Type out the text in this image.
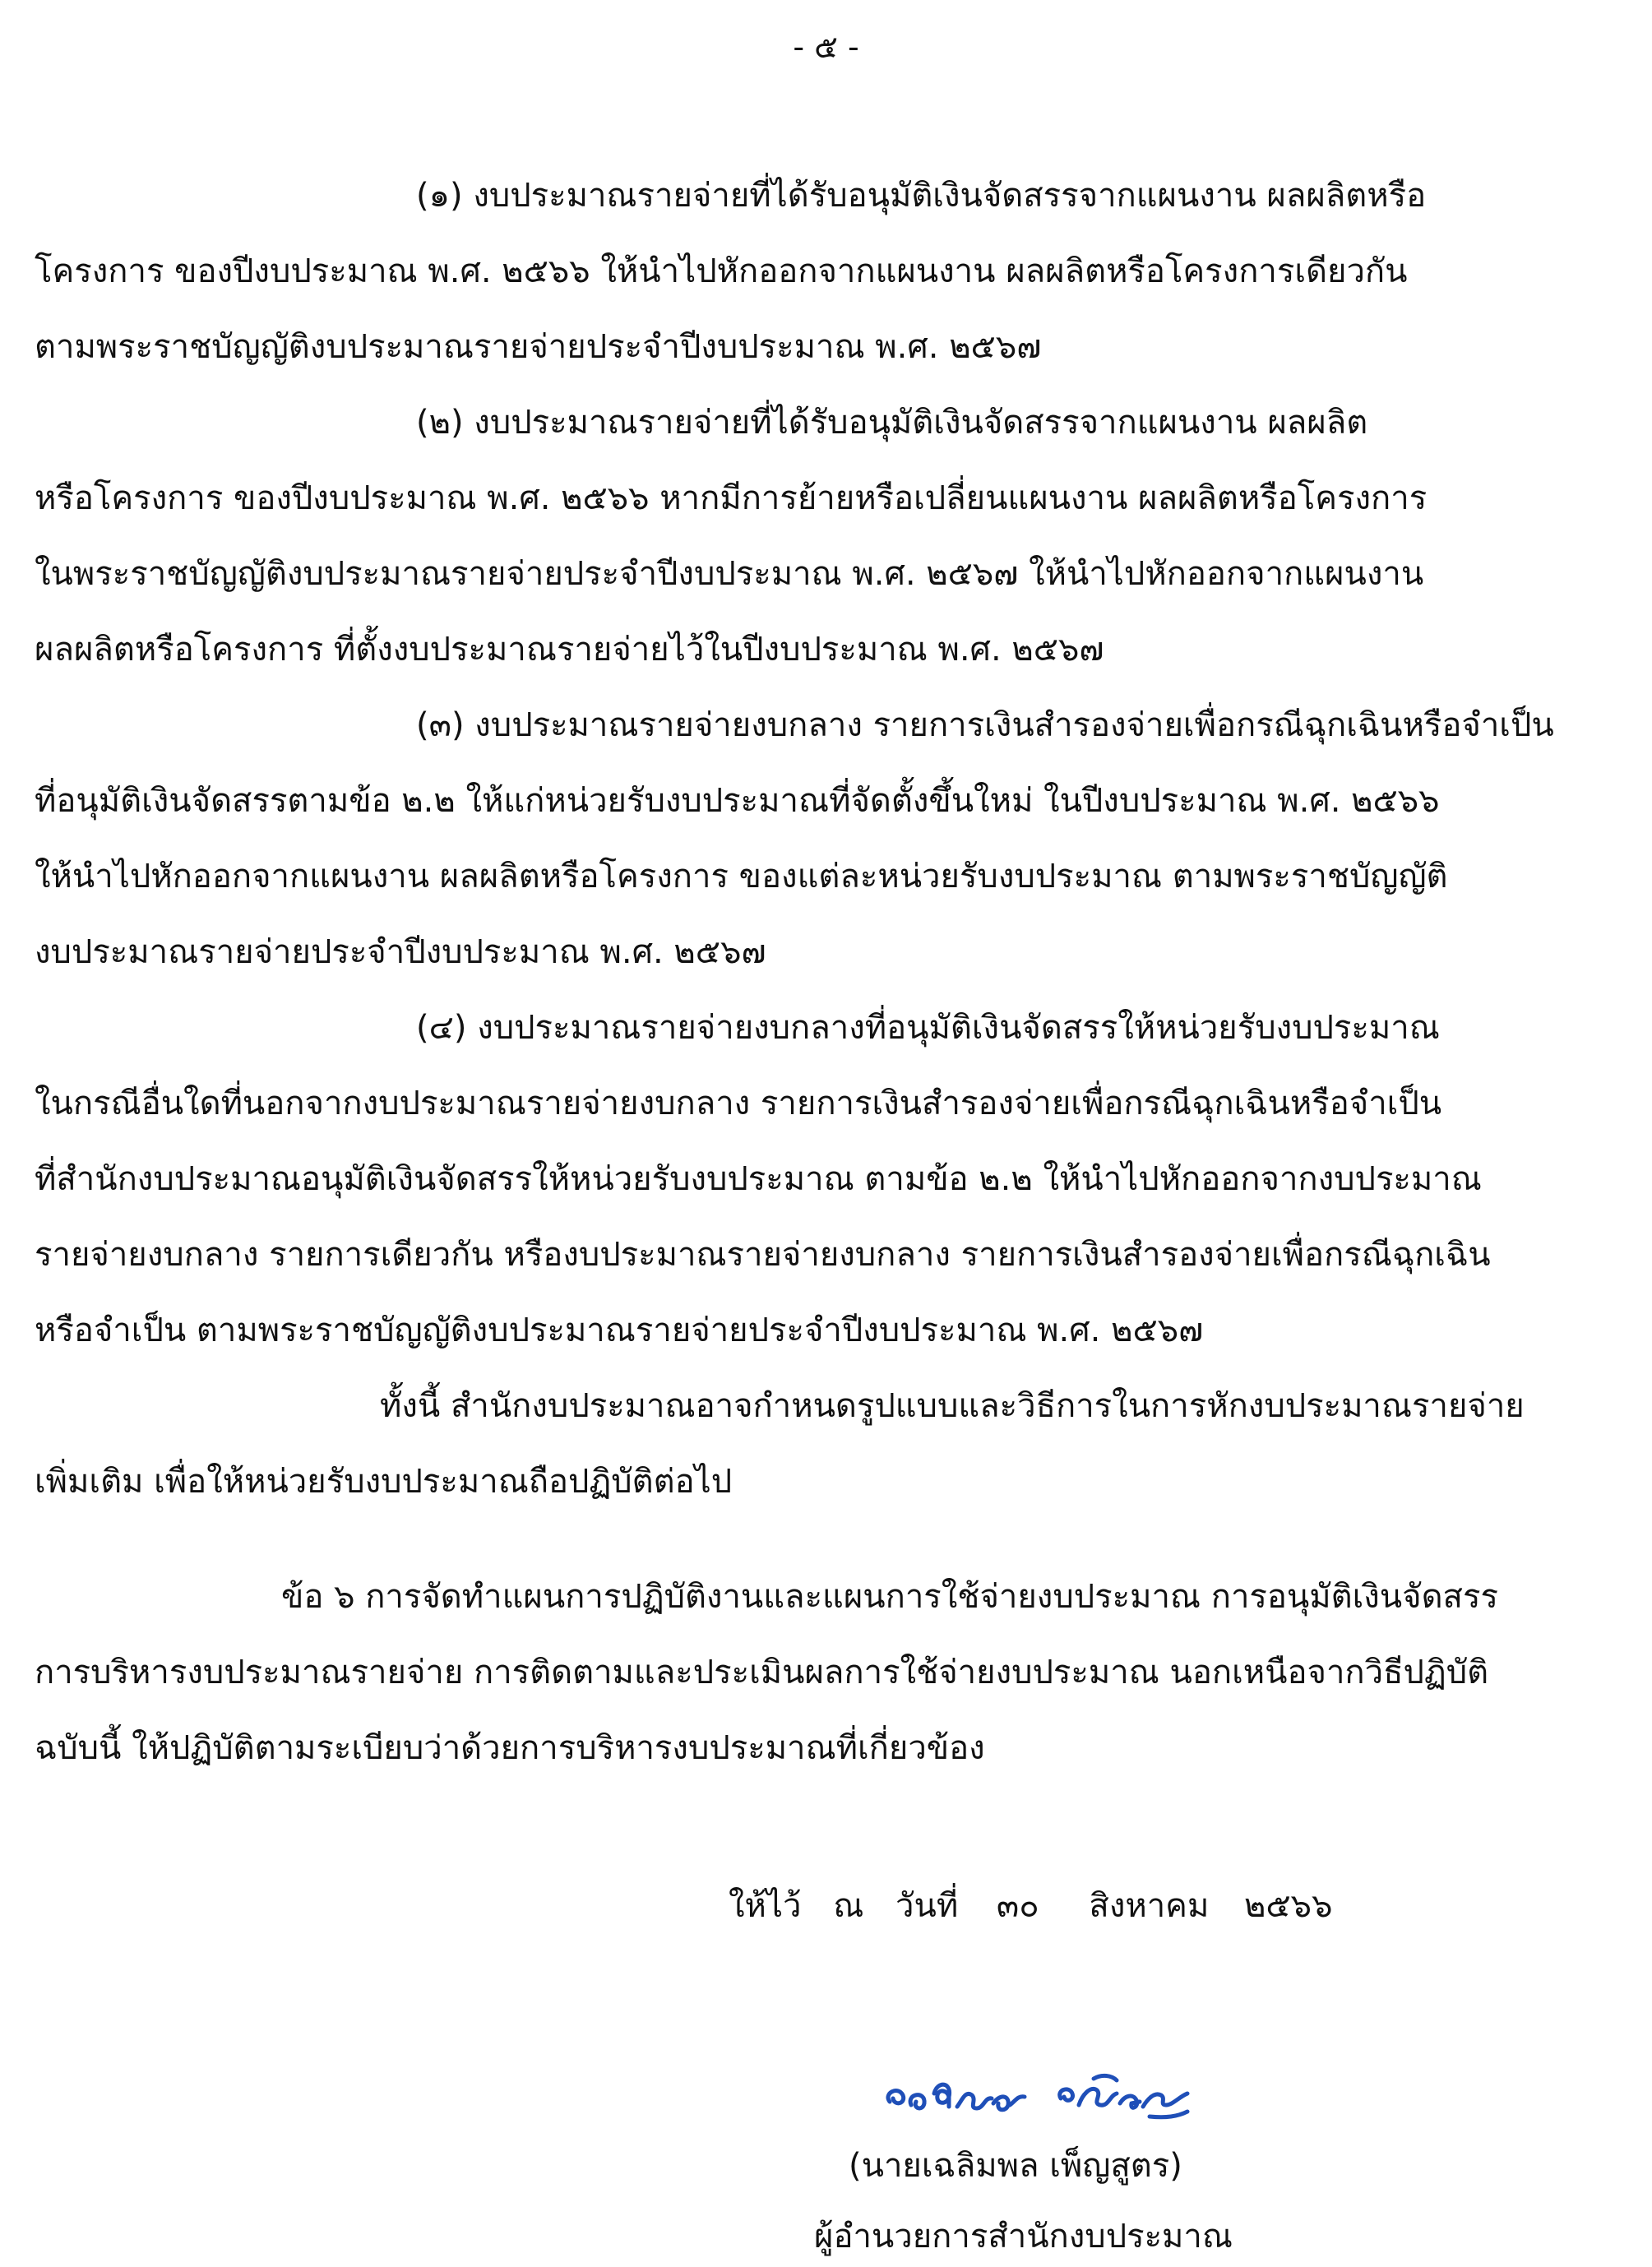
- ๕ -
(๑) งบประมาณรายจ่ายที่ได้รับอนุมัติเงินจัดสรรจากแผนงาน ผลผลิตหรือ
โครงการ ของปีงบประมาณ พ.ศ. ๒๕๖๖ ให้นำไปหักออกจากแผนงาน ผลผลิตหรือโครงการเดียวกัน
ตามพระราชบัญญัติงบประมาณรายจ่ายประจำปีงบประมาณ พ.ศ. ๒๕๖๗
(๒) งบประมาณรายจ่ายที่ได้รับอนุมัติเงินจัดสรรจากแผนงาน ผลผลิต
หรือโครงการ ของปีงบประมาณ พ.ศ. ๒๕๖๖ หากมีการย้ายหรือเปลี่ยนแผนงาน ผลผลิตหรือโครงการ
ในพระราชบัญญัติงบประมาณรายจ่ายประจำปีงบประมาณ พ.ศ. ๒๕๖๗ ให้นำไปหักออกจากแผนงาน
ผลผลิตหรือโครงการ ที่ตั้งงบประมาณรายจ่ายไว้ในปีงบประมาณ พ.ศ. ๒๕๖๗
(๓) งบประมาณรายจ่ายงบกลาง รายการเงินสำรองจ่ายเพื่อกรณีฉุกเฉินหรือจำเป็น
ที่อนุมัติเงินจัดสรรตามข้อ ๒.๒ ให้แก่หน่วยรับงบประมาณที่จัดตั้งขึ้นใหม่ ในปีงบประมาณ พ.ศ. ๒๕๖๖
ให้นำไปหักออกจากแผนงาน ผลผลิตหรือโครงการ ของแต่ละหน่วยรับงบประมาณ ตามพระราชบัญญัติ
งบประมาณรายจ่ายประจำปีงบประมาณ พ.ศ. ๒๕๖๗
(๔) งบประมาณรายจ่ายงบกลางที่อนุมัติเงินจัดสรรให้หน่วยรับงบประมาณ
ในกรณีอื่นใดที่นอกจากงบประมาณรายจ่ายงบกลาง รายการเงินสำรองจ่ายเพื่อกรณีฉุกเฉินหรือจำเป็น
ที่สำนักงบประมาณอนุมัติเงินจัดสรรให้หน่วยรับงบประมาณ ตามข้อ ๒.๒ ให้นำไปหักออกจากงบประมาณ
รายจ่ายงบกลาง รายการเดียวกัน หรืองบประมาณรายจ่ายงบกลาง รายการเงินสำรองจ่ายเพื่อกรณีฉุกเฉิน
หรือจำเป็น ตามพระราชบัญญัติงบประมาณรายจ่ายประจำปีงบประมาณ พ.ศ. ๒๕๖๗
ทั้งนี้ สำนักงบประมาณอาจกำหนดรูปแบบและวิธีการในการหักงบประมาณรายจ่าย
เพิ่มเติม เพื่อให้หน่วยรับงบประมาณถือปฏิบัติต่อไป
ข้อ ๖ การจัดทำแผนการปฏิบัติงานและแผนการใช้จ่ายงบประมาณ การอนุมัติเงินจัดสรร
การบริหารงบประมาณรายจ่าย การติดตามและประเมินผลการใช้จ่ายงบประมาณ นอกเหนือจากวิธีปฏิบัติ
ฉบับนี้ ให้ปฏิบัติตามระเบียบว่าด้วยการบริหารงบประมาณที่เกี่ยวข้อง
ให้ไว้ ณ วันที่ ๓๐ สิงหาคม ๒๕๖๖
(นายเฉลิมพล เพ็ญสูตร)
ผู้อำนวยการสำนักงบประมาณ
